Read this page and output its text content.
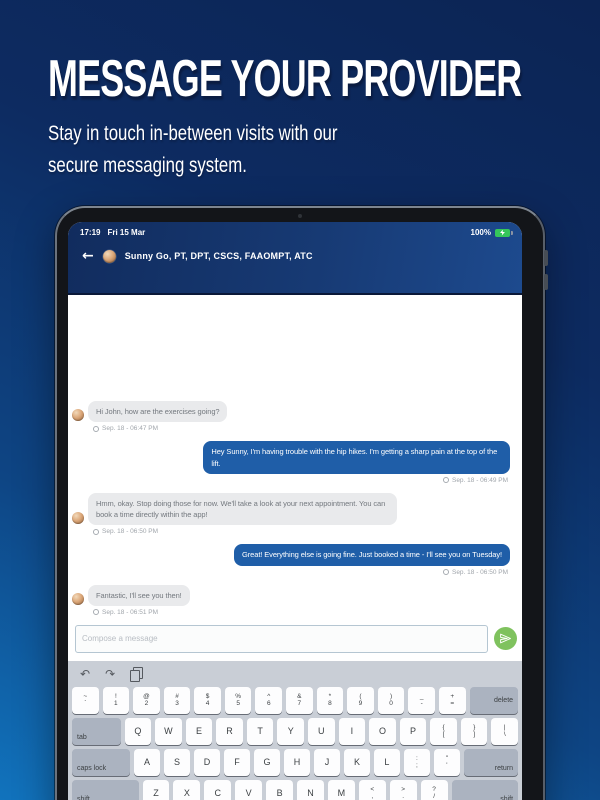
MESSAGE YOUR PROVIDER
Stay in touch in-between visits with our
secure messaging system.
17:19 Fri 15 Mar	100%
←	Sunny Go, PT, DPT, CSCS, FAAOMPT, ATC
Hi John, how are the exercises going?
Sep. 18 - 06:47 PM
Hey Sunny, I'm having trouble with the hip hikes. I'm getting a sharp pain at the top of the lift.
Sep. 18 - 06:49 PM
Hmm, okay. Stop doing those for now. We'll take a look at your next appointment. You can book a time directly within the app!
Sep. 18 - 06:50 PM
Great! Everything else is going fine. Just booked a time - I'll see you on Tuesday!
Sep. 18 - 06:50 PM
Fantastic, I'll see you then!
Sep. 18 - 06:51 PM
Compose a message
↶ ↷
~
`
!
1
@
2
#
3
$
4
%
5
^
6
&
7
*
8
(
9
)
0
_
-
+
=	delete
tab
Q	W	E	R	T	Y	U	I	O	P	{
[
}
]
|
\
caps lock
A	S	D	F	G	H	J	K	L	:
;
"
'	return
shift
Z	X	C	V	B	N	M	<
,
>
.
?
/	shift
